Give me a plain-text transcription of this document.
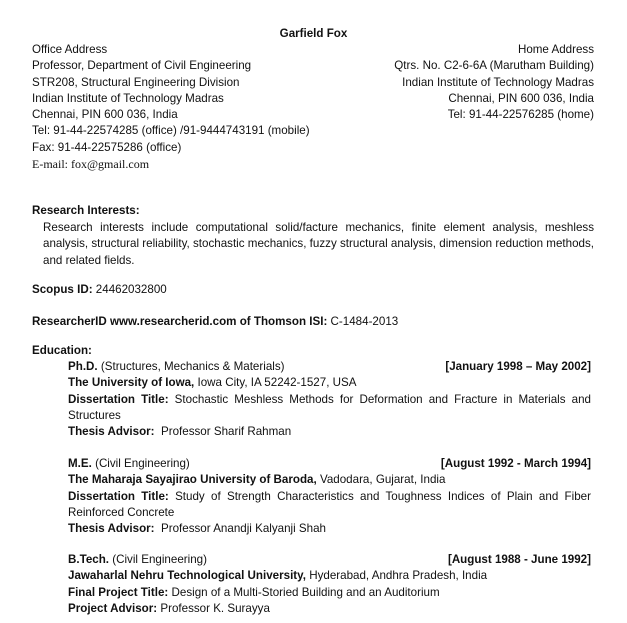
Garfield Fox
Office Address	Home Address
Professor, Department of Civil Engineering	Qtrs. No. C2-6-6A (Marutham Building)
STR208, Structural Engineering Division	Indian Institute of Technology Madras
Indian Institute of Technology Madras	Chennai, PIN 600 036, India
Chennai, PIN 600 036, India	Tel: 91-44-22576285 (home)
Tel: 91-44-22574285 (office) /91-9444743191 (mobile)
Fax: 91-44-22575286 (office)
E-mail: fox@gmail.com
Research Interests:
Research interests include computational solid/facture mechanics, finite element analysis, meshless analysis, structural reliability, stochastic mechanics, fuzzy structural analysis, dimension reduction methods, and related fields.
Scopus ID: 24462032800
ResearcherID www.researcherid.com of Thomson ISI: C-1484-2013
Education:
Ph.D. (Structures, Mechanics & Materials)	[January 1998 – May 2002]
The University of Iowa, Iowa City, IA 52242-1527, USA
Dissertation Title: Stochastic Meshless Methods for Deformation and Fracture in Materials and Structures
Thesis Advisor: Professor Sharif Rahman
M.E. (Civil Engineering)	[August 1992 - March 1994]
The Maharaja Sayajirao University of Baroda, Vadodara, Gujarat, India
Dissertation Title: Study of Strength Characteristics and Toughness Indices of Plain and Fiber Reinforced Concrete
Thesis Advisor: Professor Anandji Kalyanji Shah
B.Tech. (Civil Engineering)	[August 1988 - June 1992]
Jawaharlal Nehru Technological University, Hyderabad, Andhra Pradesh, India
Final Project Title: Design of a Multi-Storied Building and an Auditorium
Project Advisor: Professor K. Surayya
